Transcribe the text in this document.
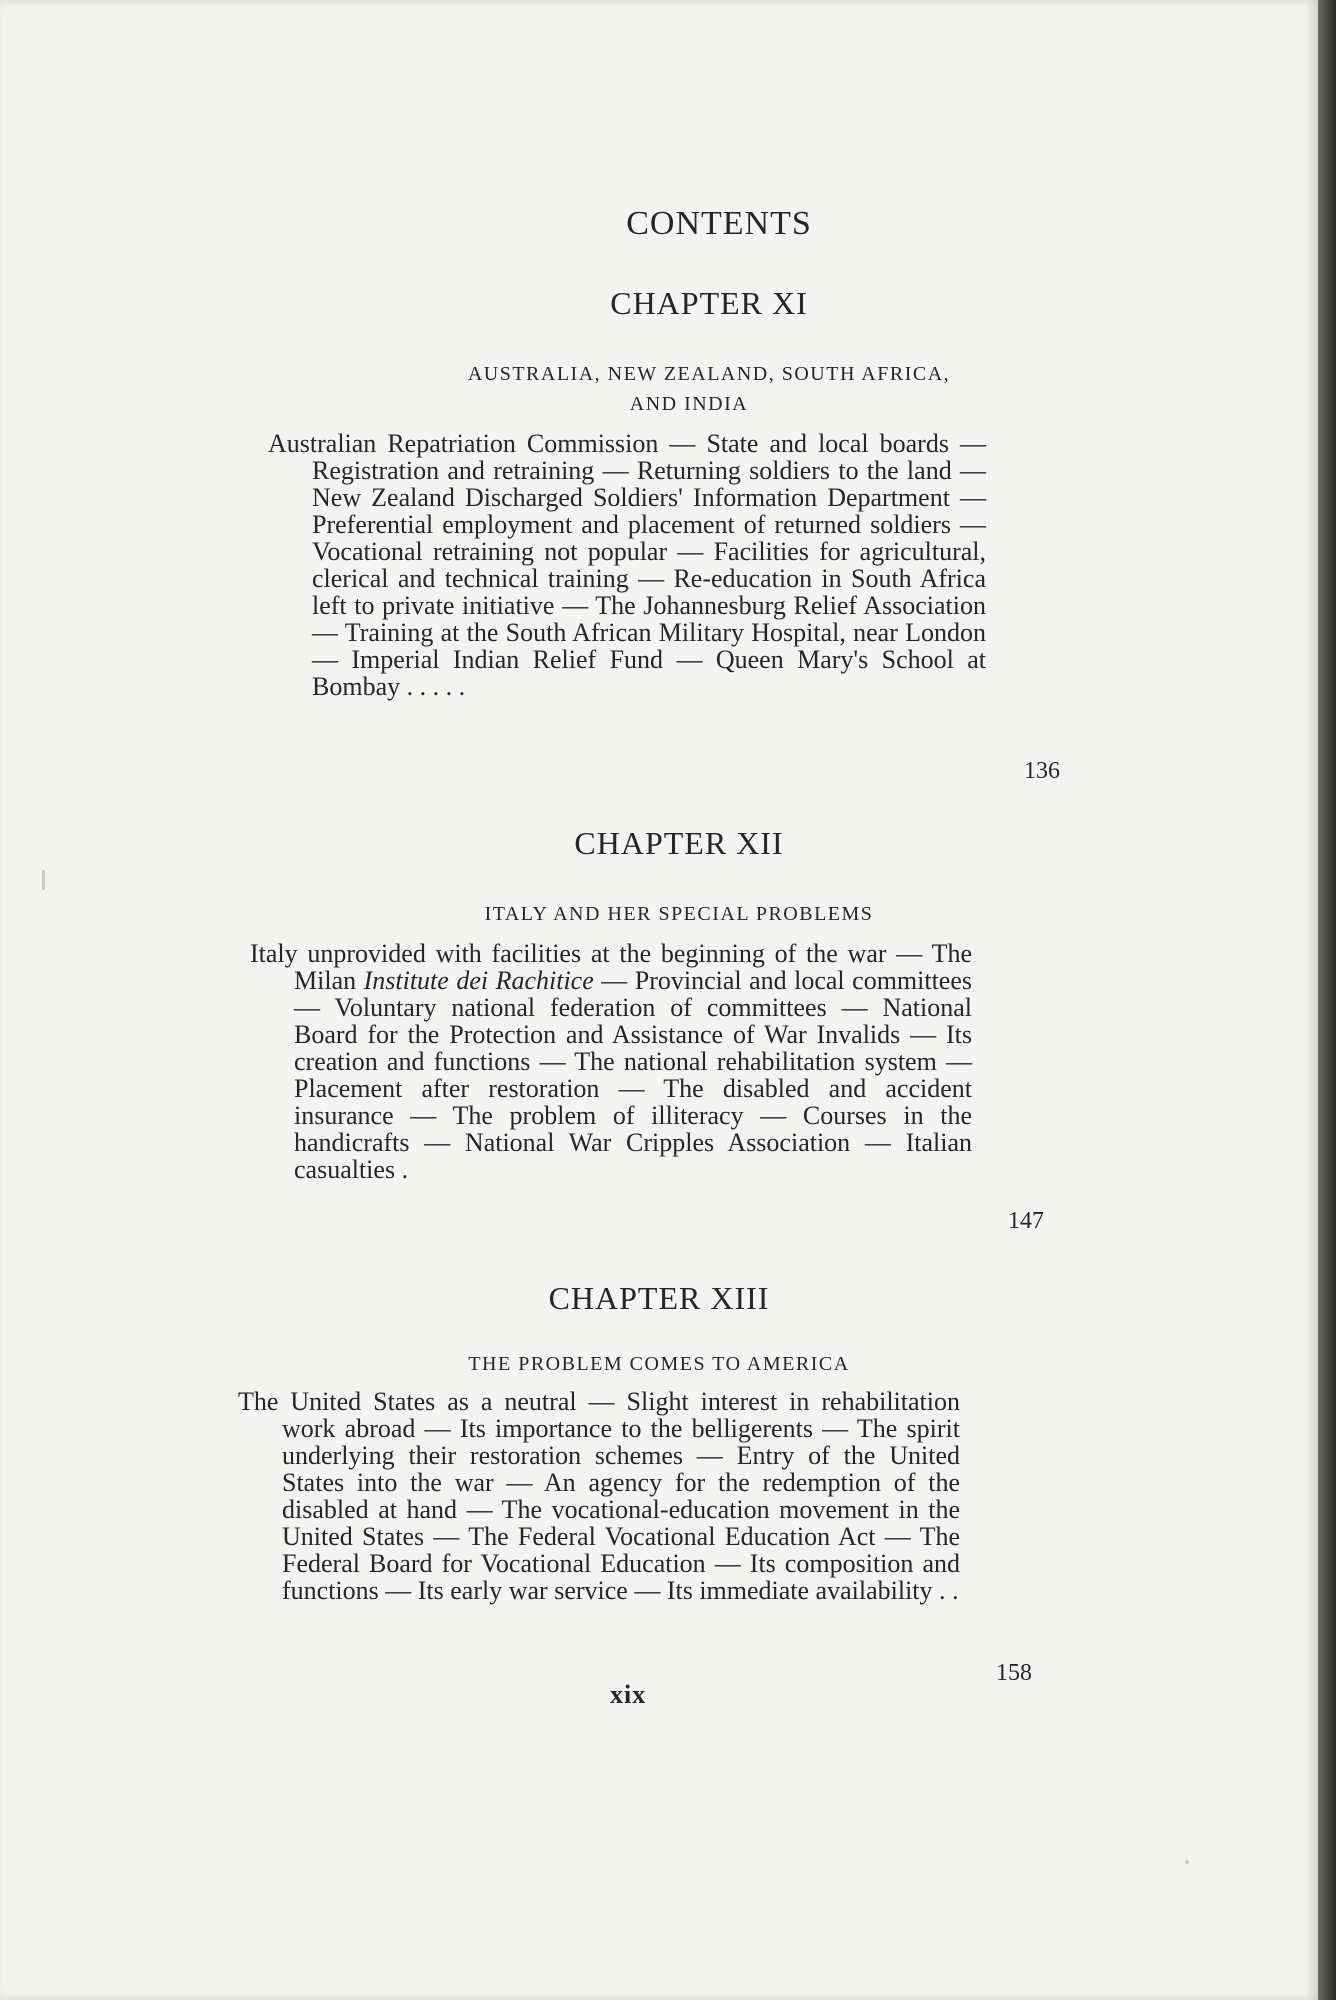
CONTENTS
CHAPTER XI
AUSTRALIA, NEW ZEALAND, SOUTH AFRICA,
AND INDIA

Australian Repatriation Commission — State and local boards — Registration and retraining — Returning soldiers to the land — New Zealand Discharged Soldiers' Information Department — Preferential employment and placement of returned soldiers — Vocational retraining not popular — Facilities for agricultural, clerical and technical training — Re-education in South Africa left to private initiative — The Johannesburg Relief Association — Training at the South African Military Hospital, near London — Imperial Indian Relief Fund — Queen Mary's School at Bombay . . . . .

136
CHAPTER XII
ITALY AND HER SPECIAL PROBLEMS

Italy unprovided with facilities at the beginning of the war — The Milan Institute dei Rachitice — Provincial and local committees — Voluntary national federation of committees — National Board for the Protection and Assistance of War Invalids — Its creation and functions — The national rehabilitation system — Placement after restoration — The disabled and accident insurance — The problem of illiteracy — Courses in the handicrafts — National War Cripples Association — Italian casualties .

147
CHAPTER XIII
THE PROBLEM COMES TO AMERICA

The United States as a neutral — Slight interest in rehabilitation work abroad — Its importance to the belligerents — The spirit underlying their restoration schemes — Entry of the United States into the war — An agency for the redemption of the disabled at hand — The vocational-education movement in the United States — The Federal Vocational Education Act — The Federal Board for Vocational Education — Its composition and functions — Its early war service — Its immediate availability . .

158
xix
